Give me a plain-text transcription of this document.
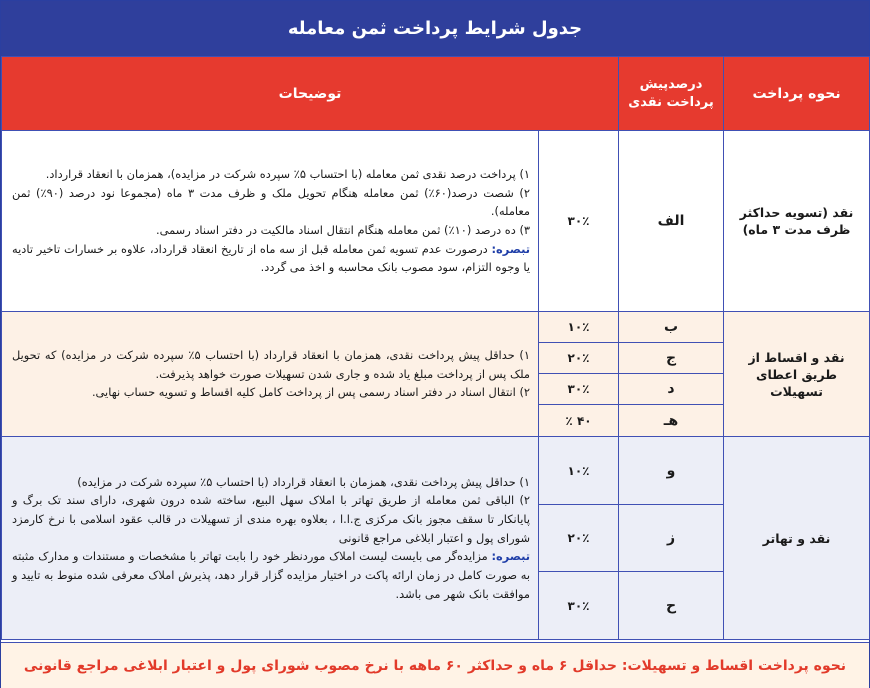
جدول شرایط پرداخت ثمن معامله
نحوه پرداخت	درصدپیش پرداخت نقدی	توضیحات	
نقد (تسویه حداکثر ظرف مدت ۳ ماه)	الف	۳۰٪	۱) پرداخت درصد نقدی ثمن معامله (با احتساب ۵٪ سپرده شرکت در مزایده)، همزمان با انعقاد قرارداد.

۲) شصت درصد(۶۰٪) ثمن معامله هنگام تحویل ملک و ظرف مدت ۳ ماه (مجموعا نود درصد (۹۰٪) ثمن معامله).

۳) ده درصد (۱۰٪) ثمن معامله هنگام انتقال اسناد مالکیت در دفتر اسناد رسمی.

تبصره: درصورت عدم تسویه ثمن معامله قبل از سه ماه از تاریخ انعقاد قرارداد، علاوه بر خسارات تاخیر تادیه یا وجوه التزام، سود مصوب بانک محاسبه و اخذ می گردد.

نقد و اقساط از طریق اعطای تسهیلات	ب	۱۰٪	۱) حداقل پیش پرداخت نقدی، همزمان با انعقاد قرارداد (با احتساب ۵٪ سپرده شرکت در مزایده) که تحویل ملک پس از پرداخت مبلغ یاد شده و جاری شدن تسهیلات صورت خواهد پذیرفت.

۲) انتقال اسناد در دفتر اسناد رسمی پس از پرداخت کامل کلیه اقساط و تسویه حساب نهایی.

	ج	۲۰٪	
	د	۳۰٪	
	هـ	۴۰ ٪	
نقد و تهاتر	و	۱۰٪	۱) حداقل پیش پرداخت نقدی، همزمان با انعقاد قرارداد (با احتساب ۵٪ سپرده شرکت در مزایده)

۲) الباقی ثمن معامله از طریق تهاتر با املاک سهل البیع، ساخته شده درون شهری، دارای سند تک برگ و پایانکار تا سقف مجوز بانک مرکزی ج.ا.ا ، بعلاوه بهره مندی از تسهیلات در قالب عقود اسلامی با نرخ کارمزد شورای پول و اعتبار ابلاغی مراجع قانونی

تبصره: مزایده‌گر می بایست لیست املاک موردنظر خود را بابت تهاتر با مشخصات و مستندات و مدارک مثبته به صورت کامل در زمان ارائه پاکت در اختیار مزایده گزار قرار دهد، پذیرش املاک معرفی شده منوط به تایید و موافقت بانک شهر می باشد.

	ز	۲۰٪	
	ح	۳۰٪	
نحوه پرداخت اقساط و تسهیلات: حداقل ۶ ماه و حداکثر ۶۰ ماهه با نرخ مصوب شورای پول و اعتبار ابلاغی مراجع قانونی
